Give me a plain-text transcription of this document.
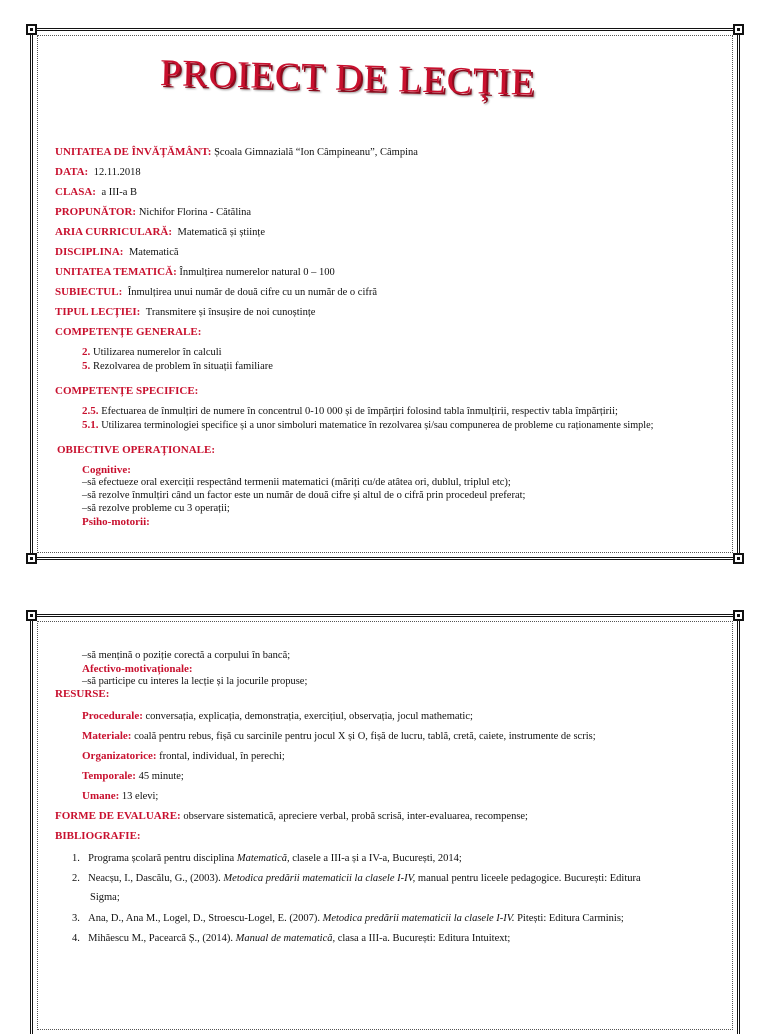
PROIECT DE LECȚIE
UNITATEA DE ÎNVĂȚĂMÂNT: Școala Gimnazială “Ion Câmpineanu”, Câmpina
DATA: 12.11.2018
CLASA: a III-a B
PROPUNĂTOR: Nichifor Florina - Cătălina
ARIA CURRICULARĂ: Matematică și științe
DISCIPLINA: Matematică
UNITATEA TEMATICĂ: Înmulțirea numerelor natural 0 – 100
SUBIECTUL: Înmulțirea unui număr de două cifre cu un număr de o cifră
TIPUL LECȚIEI: Transmitere și însușire de noi cunoștințe
COMPETENȚE GENERALE:
2. Utilizarea numerelor în calculi
5. Rezolvarea de problem în situații familiare
COMPETENȚE SPECIFICE:
2.5. Efectuarea de înmulțiri de numere în concentrul 0-10 000 și de împărțiri folosind tabla înmulțirii, respectiv tabla împărțirii;
5.1. Utilizarea terminologiei specifice și a unor simboluri matematice în rezolvarea și/sau compunerea de probleme cu raționamente simple;
OBIECTIVE OPERAȚIONALE:
Cognitive:
–să efectueze oral exerciții respectând termenii matematici (măriți cu/de atâtea ori, dublul, triplul etc);
–să rezolve înmulțiri când un factor este un număr de două cifre și altul de o cifră prin procedeul preferat;
–să rezolve probleme cu 3 operații;
Psiho-motorii:
–să mențină o poziție corectă a corpului în bancă;
Afectivo-motivaționale:
–să participe cu interes la lecție și la jocurile propuse;
RESURSE:
Procedurale: conversația, explicația, demonstrația, exercițiul, observația, jocul mathematic;
Materiale: coală pentru rebus, fișă cu sarcinile pentru jocul X și O, fișă de lucru, tablă, cretă, caiete, instrumente de scris;
Organizatorice: frontal, individual, în perechi;
Temporale: 45 minute;
Umane: 13 elevi;
FORME DE EVALUARE: observare sistematică, apreciere verbal, probă scrisă, inter-evaluarea, recompense;
BIBLIOGRAFIE:
1. Programa școlară pentru disciplina Matematică, clasele a III-a și a IV-a, București, 2014;
2. Neacșu, I., Dascălu, G., (2003). Metodica predării matematicii la clasele I-IV, manual pentru liceele pedagogice. București: Editura
Sigma;
3. Ana, D., Ana M., Logel, D., Stroescu-Logel, E. (2007). Metodica predării matematicii la clasele I-IV. Pitești: Editura Carminis;
4. Mihăescu M., Pacearcă Ș., (2014). Manual de matematică, clasa a III-a. București: Editura Intuitext;
